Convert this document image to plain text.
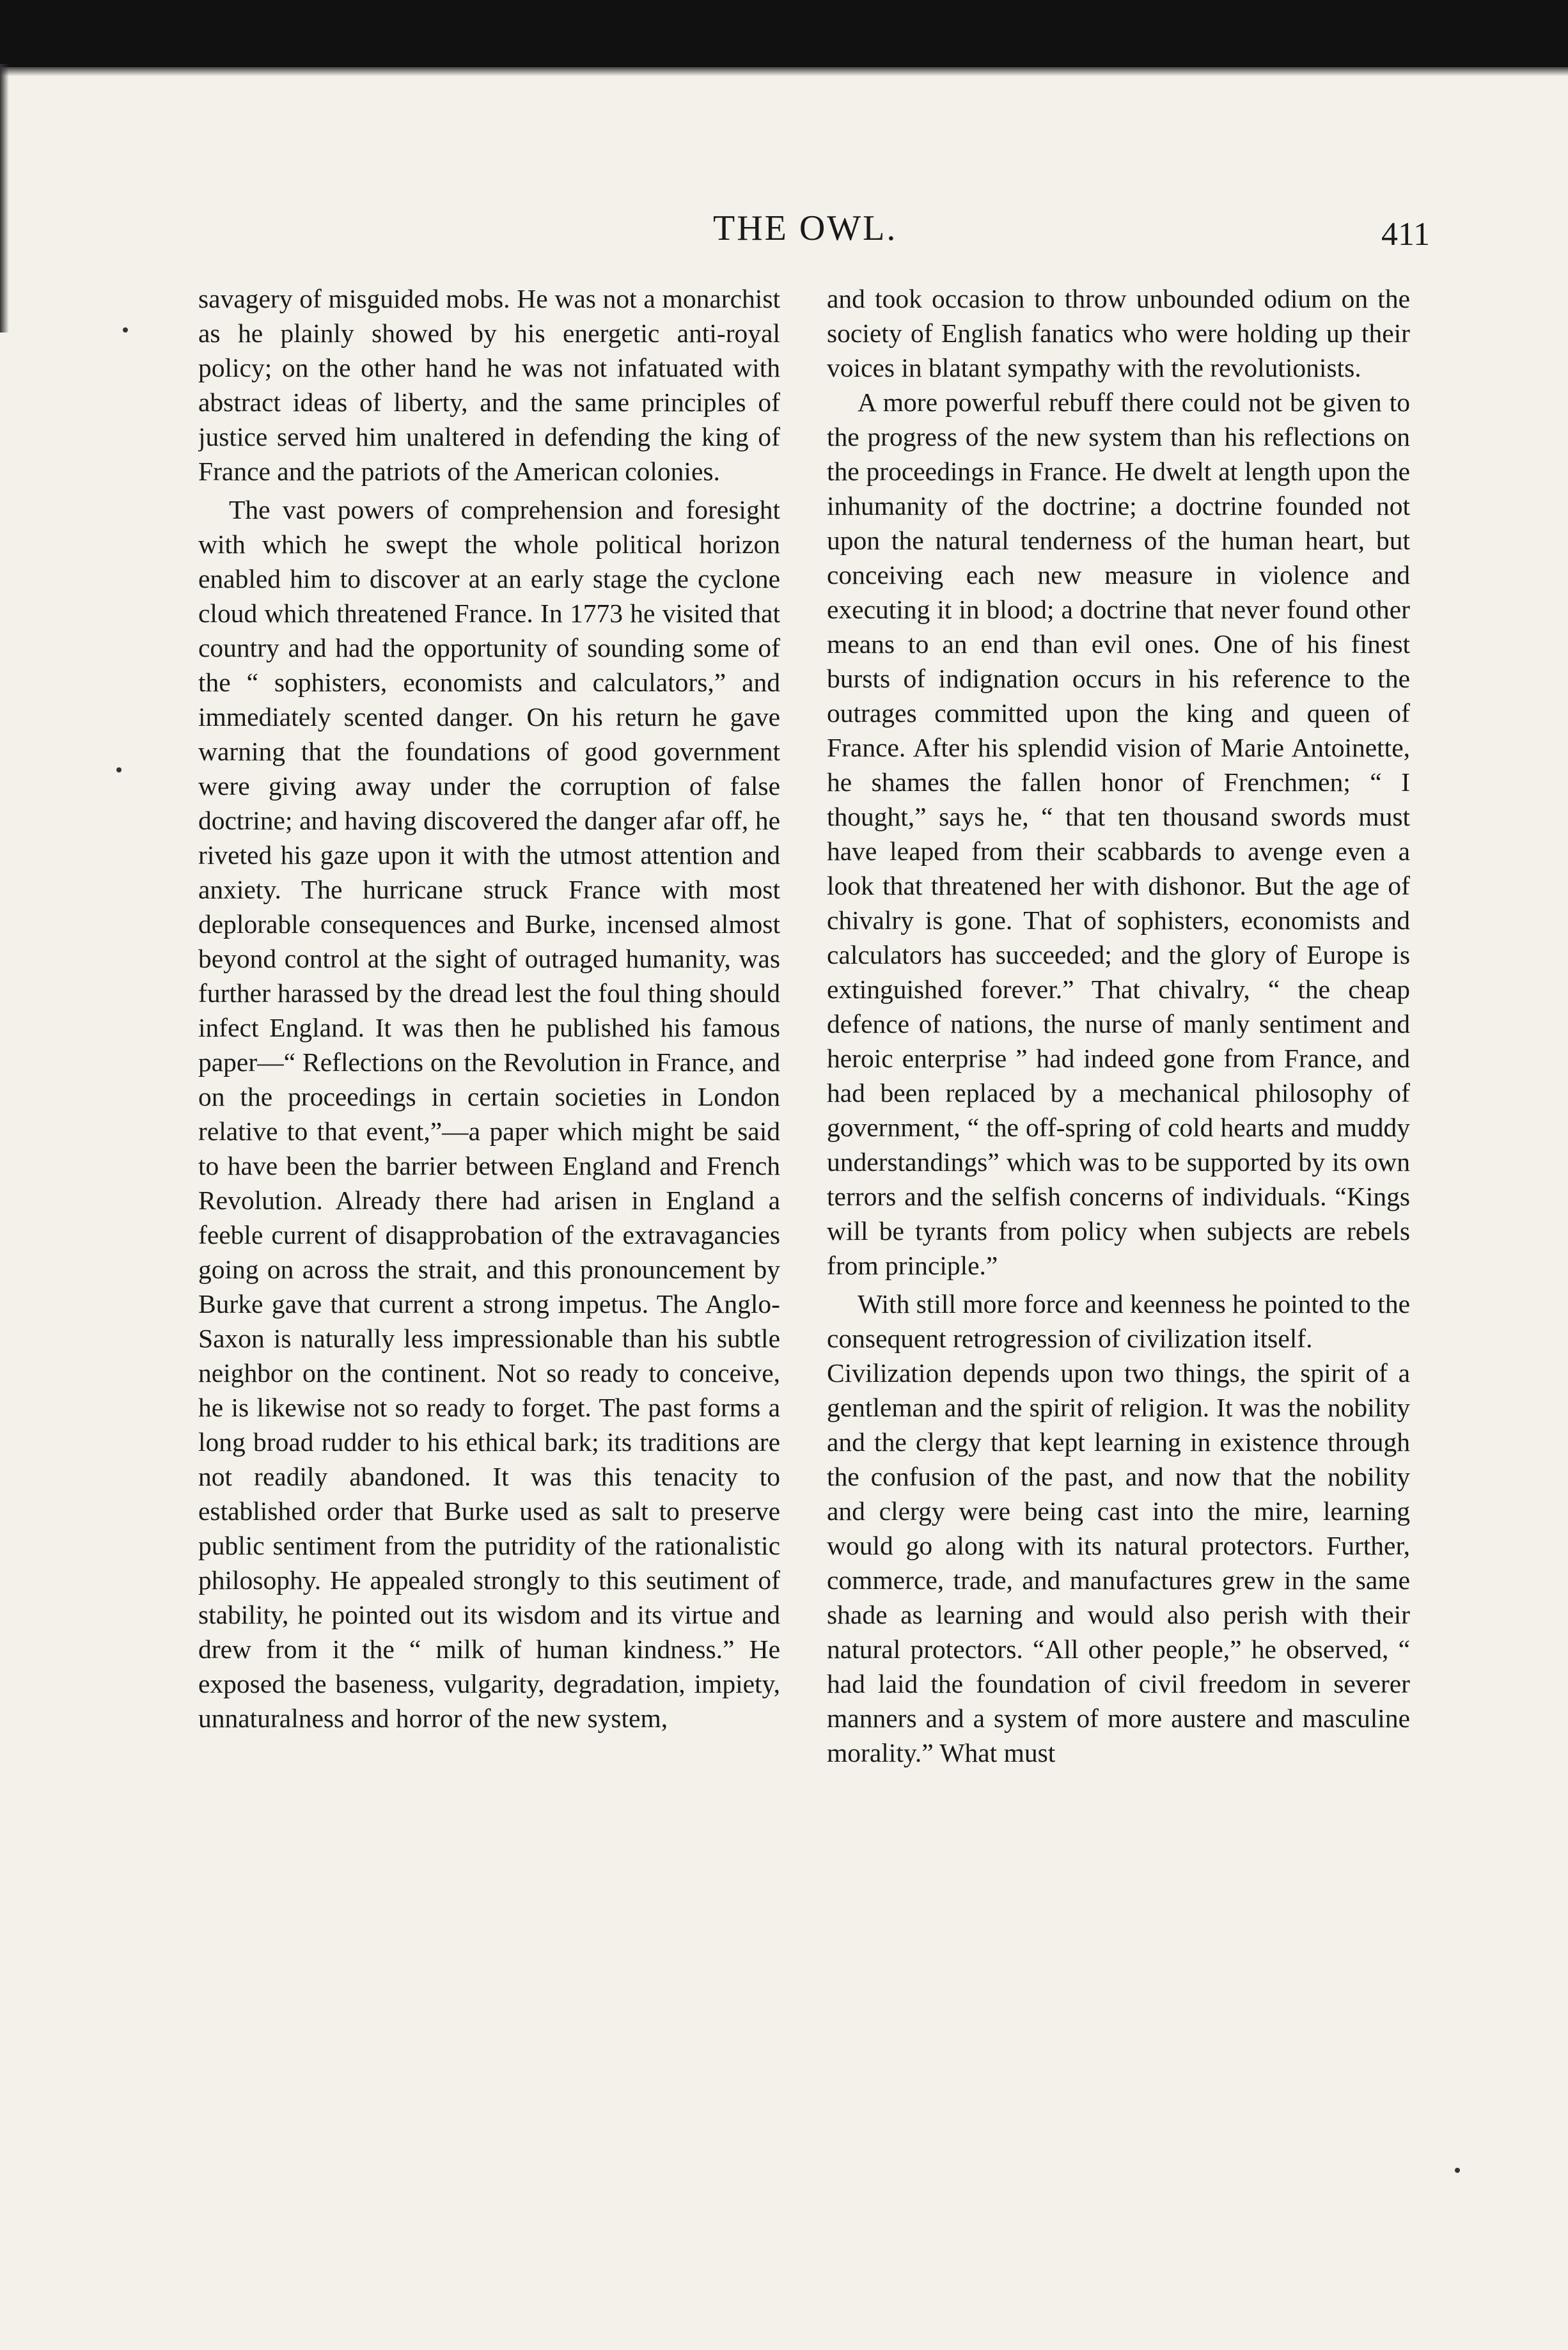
THE OWL.	411

savagery of misguided mobs. He was not a monarchist as he plainly showed by his energetic anti-royal policy; on the other hand he was not infatuated with abstract ideas of liberty, and the same principles of justice served him unaltered in defending the king of France and the patriots of the American colonies.

The vast powers of comprehension and foresight with which he swept the whole political horizon enabled him to discover at an early stage the cyclone cloud which threatened France. In 1773 he visited that country and had the opportunity of sounding some of the “ sophisters, economists and calculators,” and immediately scented danger. On his return he gave warning that the foundations of good government were giving away under the corruption of false doctrine; and having discovered the danger afar off, he riveted his gaze upon it with the utmost attention and anxiety. The hurricane struck France with most deplorable consequences and Burke, incensed almost beyond control at the sight of outraged humanity, was further harassed by the dread lest the foul thing should infect England. It was then he published his famous paper—“ Reflections on the Revolution in France, and on the proceedings in certain societies in London relative to that event,”—a paper which might be said to have been the barrier between England and French Revolution. Already there had arisen in England a feeble current of disapprobation of the extravagancies going on across the strait, and this pronouncement by Burke gave that current a strong impetus. The Anglo-Saxon is naturally less impressionable than his subtle neighbor on the continent. Not so ready to conceive, he is likewise not so ready to forget. The past forms a long broad rudder to his ethical bark; its traditions are not readily abandoned. It was this tenacity to established order that Burke used as salt to preserve public sentiment from the putridity of the rationalistic philosophy. He appealed strongly to this seutiment of stability, he pointed out its wisdom and its virtue and drew from it the “ milk of human kindness.” He exposed the baseness, vulgarity, degradation, impiety, unnaturalness and horror of the new system,

and took occasion to throw unbounded odium on the society of English fanatics who were holding up their voices in blatant sympathy with the revolutionists.

A more powerful rebuff there could not be given to the progress of the new system than his reflections on the proceedings in France. He dwelt at length upon the inhumanity of the doctrine; a doctrine founded not upon the natural tenderness of the human heart, but conceiving each new measure in violence and executing it in blood; a doctrine that never found other means to an end than evil ones. One of his finest bursts of indignation occurs in his reference to the outrages committed upon the king and queen of France. After his splendid vision of Marie Antoinette, he shames the fallen honor of Frenchmen; “ I thought,” says he, “ that ten thousand swords must have leaped from their scabbards to avenge even a look that threatened her with dishonor. But the age of chivalry is gone. That of sophisters, economists and calculators has succeeded; and the glory of Europe is extinguished forever.” That chivalry, “ the cheap defence of nations, the nurse of manly sentiment and heroic enterprise ” had indeed gone from France, and had been replaced by a mechanical philosophy of government, “ the off-spring of cold hearts and muddy understandings” which was to be supported by its own terrors and the selfish concerns of individuals. “Kings will be tyrants from policy when subjects are rebels from principle.”

With still more force and keenness he pointed to the consequent retrogression of civilization itself.

Civilization depends upon two things, the spirit of a gentleman and the spirit of religion. It was the nobility and the clergy that kept learning in existence through the confusion of the past, and now that the nobility and clergy were being cast into the mire, learning would go along with its natural protectors. Further, commerce, trade, and manufactures grew in the same shade as learning and would also perish with their natural protectors. “All other people,” he observed, “ had laid the foundation of civil freedom in severer manners and a system of more austere and masculine morality.” What must
